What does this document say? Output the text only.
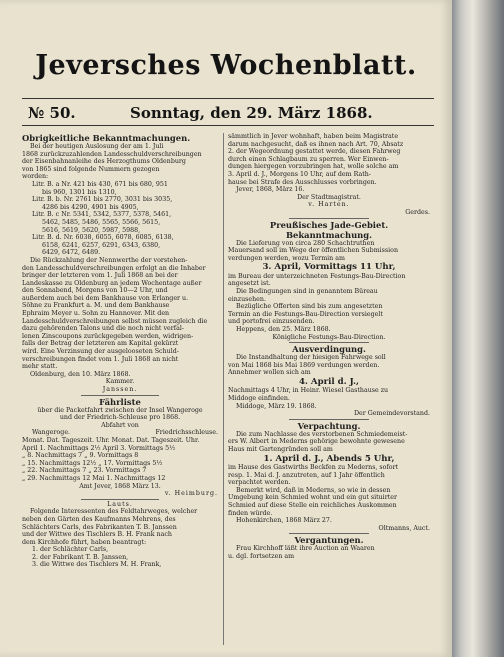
Jeversches Wochenblatt.
№ 50.	Sonntag, den 29. März 1868.
Obrigkeitliche Bekanntmachungen.
Bei der heutigen Auslosung der am 1. Juli
1868 zurückzuzahlenden Landesschuldverschreibungen
der Eisenbahnanleihe des Herzogthums Oldenburg
von 1865 sind folgende Nummern gezogen
worden:
Litr. B. a Nr. 421 bis 430, 671 bis 680, 951
bis 960, 1301 bis 1310,
Litr. B. b. Nr. 2761 bis 2770, 3031 bis 3035,
4286 bis 4290, 4901 bis 4905,
Litr. B. c Nr. 5341, 5342, 5377, 5378, 5461,
5462, 5485, 5486, 5565, 5566, 5615,
5616, 5619, 5620, 5987, 5988,
Litr. B. d. Nr. 6038, 6055, 6078, 6085, 6138,
6158, 6241, 6257, 6291, 6343, 6380,
6429, 6472, 6489.
Die Rückzahlung der Nennwerthe der vorstehen-
den Landesschuldverschreibungen erfolgt an die Inhaber
bringer der letzteren vom 1. Juli 1868 an bei der
Landeskasse zu Oldenburg an jedem Wochentage außer
den Sonnabend, Morgens von 10—2 Uhr, und
außerdem auch bei dem Bankhause von Erlanger u.
Söhne zu Frankfurt a. M. und dem Bankhause
Ephraim Meyer u. Sohn zu Hannover. Mit den
Landesschuldverschreibungen selbst müssen zugleich die
dazu gehörenden Talons und die noch nicht verfal-
lenen Zinscoupons zurückgegeben werden, widrigen-
falls der Betrag der letzteren am Kapital gekürzt
wird. Eine Verzinsung der ausgelooseten Schuld-
verschreibungen findet vom 1. Juli 1868 an nicht
mehr statt.
Oldenburg, den 10. März 1868.
Kammer.
Janssen.
Fährliste
über die Packetfahrt zwischen der Insel Wangeroge
und der Friedrich-Schleuse pro 1868.
Abfahrt von
Wangeroge.	Friedrichsschleuse.
Monat. Dat. Tageszeit. Uhr. Monat. Dat. Tageszeit. Uhr.
April 1. Nachmittags 2½ April 3. Vormittags 5½
„ 8. Nachmittags 7 „ 9. Vormittags 8
„ 15. Nachmittags 12½ „ 17. Vormittags 5½
„ 22. Nachmittags 7 „ 23. Vormittags 7
„ 29. Nachmittags 12 Mai 1. Nachmittags 12
Amt Jever, 1868 März 13.
v. Heimburg.
Lauts.
Folgende Interessenten des Feldtahrweges, welcher
neben den Gärten des Kaufmanns Mehrens, des
Schlächters Carls, des Fabrikanten T. B. Janssen
und der Wittwe des Tischlers B. H. Frank nach
dem Kirchhofe führt, haben beantragt:
1. der Schlächter Carls,
2. der Fabrikant T. B. Janssen,
3. die Wittwe des Tischlers M. H. Frank,
sämmtlich in Jever wohnhaft, haben beim Magistrate
darum nachgesucht, daß es ihnen nach Art. 70, Absatz
2. der Wegeordnung gestattet werde, diesen Fahrweg
durch einen Schlagbaum zu sperren. Wer Einwen-
dungen hiergegen vorzubringen hat, wolle solche am
3. April d. J., Morgens 10 Uhr, auf dem Rath-
hause bei Strafe des Ausschlusses vorbringen.
Jever, 1868, März 16.
Der Stadtmagistrat.
v. Harten.
Gerdes.
Preußisches Jade-Gebiet.
Bekanntmachung.
Die Lieferung von circa 280 Schachtruthen
Mauersand soll im Wege der öffentlichen Submission
verdungen werden, wozu Termin am
3. April, Vormittags 11 Uhr,
im Bureau der unterzeichneten Festungs-Bau-Direction
angesetzt ist.
Die Bedingungen sind in genanntem Büreau
einzusehen.
Bezügliche Offerten sind bis zum angesetzten
Termin an die Festungs-Bau-Direction versiegelt
und portofrei einzusenden.
Heppens, den 25. März 1868.
Königliche Festungs-Bau-Direction.
Ausverdingung.
Die Instandhaltung der hiesigen Fahrwege soll
von Mai 1868 bis Mai 1869 verdungen werden.
Annehmer wollen sich am
4. April d. J.,
Nachmittags 4 Uhr, in Heinr. Wiesel Gasthause zu
Middoge einfinden.
Middoge, März 19. 1868.
Der Gemeindevorstand.
Verpachtung.
Die zum Nachlasse des verstorbenen Schmiedemeist-
ers W. Albert in Mederns gehörige bewohnte gewesene
Haus mit Gartengründen soll am
1. April d. J., Abends 5 Uhr,
im Hause des Gastwirths Beckfen zu Mederns, sofort
resp. 1. Mai d. J. anzutreten, auf 1 Jahr öffentlich
verpachtet werden.
Bemerkt wird, daß in Mederns, so wie in dessen
Umgebung kein Schmied wohnt und ein gut situirter
Schmied auf diese Stelle ein reichliches Auskommen
finden würde.
Hohenkirchen, 1868 März 27.
Oltmanns, Auct.
Vergantungen.
Frau Kirchhoff läßt ihre Auction an Waaren
u. dgl. fortsetzen am
